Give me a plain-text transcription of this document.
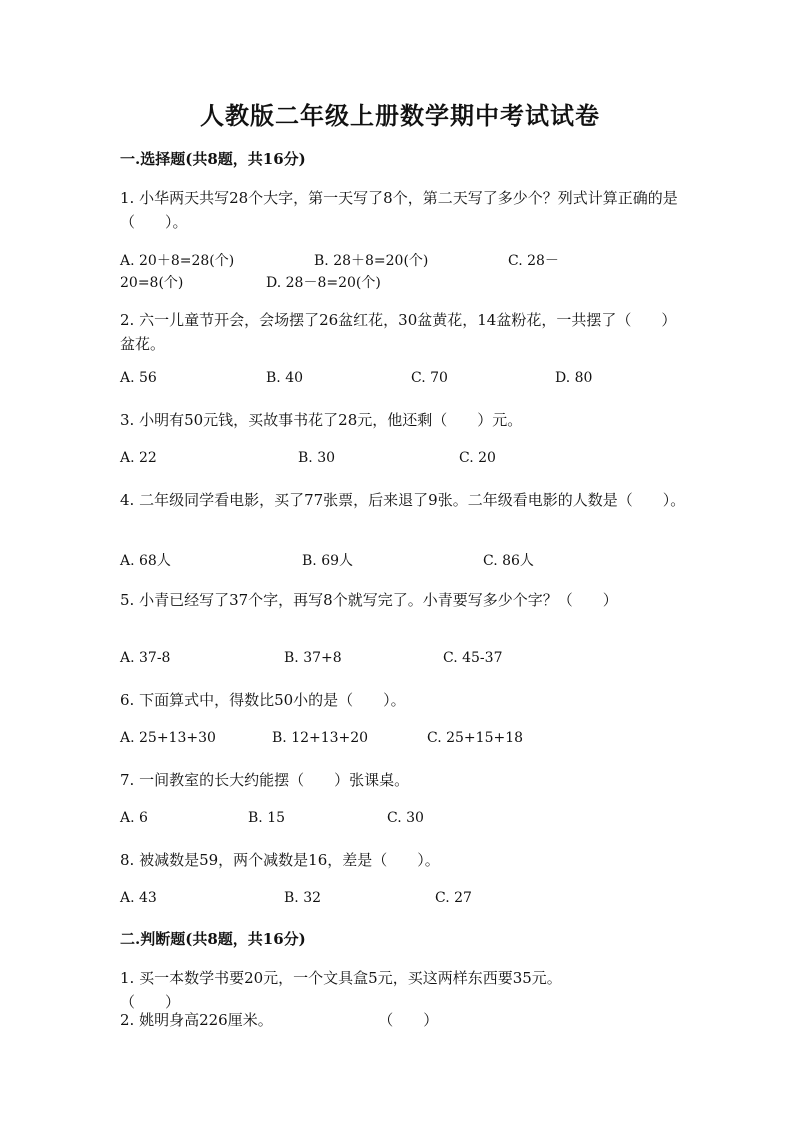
人教版二年级上册数学期中考试试卷
一.选择题(共8题，共16分)
1. 小华两天共写28个大字，第一天写了8个，第二天写了多少个？列式计算正确的是（　　）。
A. 20＋8=28(个)	B. 28＋8=20(个)	C. 28－
20=8(个)	D. 28－8=20(个)
2. 六一儿童节开会，会场摆了26盆红花，30盆黄花，14盆粉花，一共摆了（　　）盆花。
A. 56	B. 40	C. 70	D. 80
3. 小明有50元钱，买故事书花了28元，他还剩（　　）元。
A. 22	B. 30	C. 20
4. 二年级同学看电影，买了77张票，后来退了9张。二年级看电影的人数是（　　）。
A. 68人	B. 69人	C. 86人
5. 小青已经写了37个字，再写8个就写完了。小青要写多少个字？（　　）
A. 37-8	B. 37+8	C. 45-37
6. 下面算式中，得数比50小的是（　　）。
A. 25+13+30	B. 12+13+20	C. 25+15+18
7. 一间教室的长大约能摆（　　）张课桌。
A. 6	B. 15	C. 30
8. 被减数是59，两个减数是16，差是（　　）。
A. 43	B. 32	C. 27
二.判断题(共8题，共16分)
1. 买一本数学书要20元，一个文具盒5元，买这两样东西要35元。
（　　）
2. 姚明身高226厘米。	（　　）
